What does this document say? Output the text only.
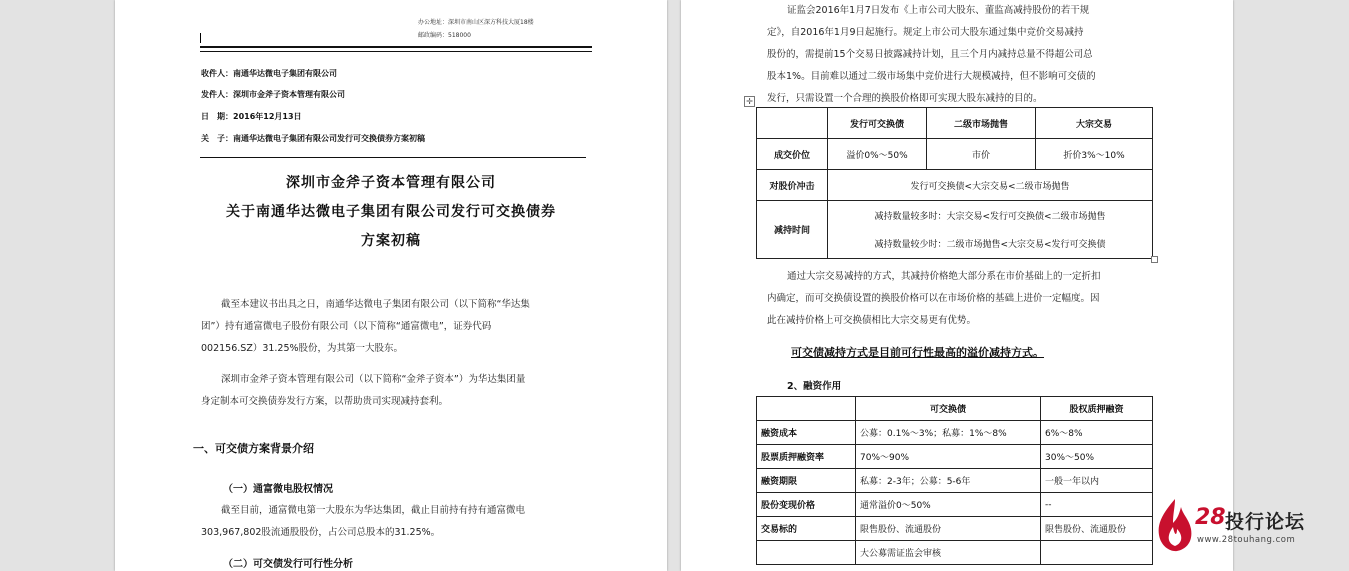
办公地址：深圳市南山区深方科技大厦18楼
邮政编码：518000
收件人：南通华达微电子集团有限公司
发件人：深圳市金斧子资本管理有限公司
日　期：2016年12月13日
关　子：南通华达微电子集团有限公司发行可交换债券方案初稿
深圳市金斧子资本管理有限公司
关于南通华达微电子集团有限公司发行可交换债券
方案初稿
截至本建议书出具之日，南通华达微电子集团有限公司（以下简称“华达集
团”）持有通富微电子股份有限公司（以下简称“通富微电”，证券代码
002156.SZ）31.25%股份，为其第一大股东。
深圳市金斧子资本管理有限公司（以下简称“金斧子资本”）为华达集团量
身定制本可交换债券发行方案，以帮助贵司实现减持套利。
一、可交债方案背景介绍
（一）通富微电股权情况
截至目前，通富微电第一大股东为华达集团，截止目前持有持有通富微电
303,967,802股流通股股份，占公司总股本的31.25%。
（二）可交债发行可行性分析
证监会2016年1月7日发布《上市公司大股东、董监高减持股份的若干规
定》，自2016年1月9日起施行。规定上市公司大股东通过集中竞价交易减持
股份的，需提前15个交易日披露减持计划，且三个月内减持总量不得超公司总
股本1%。目前难以通过二级市场集中竞价进行大规模减持，但不影响可交债的
发行，只需设置一个合理的换股价格即可实现大股东减持的目的。
✛
	发行可交换债	二级市场抛售	大宗交易
成交价位	溢价0%～50%	市价	折价3%～10%
对股价冲击	发行可交换债<大宗交易<二级市场抛售		
减持时间	减持数量较多时：大宗交易<发行可交换债<二级市场抛售		
	减持数量较少时：二级市场抛售<大宗交易<发行可交换债		
通过大宗交易减持的方式，其减持价格绝大部分系在市价基础上的一定折扣
内确定，而可交换债设置的换股价格可以在市场价格的基础上进价一定幅度。因
此在减持价格上可交换债相比大宗交易更有优势。
可交债减持方式是目前可行性最高的溢价减持方式。
2、融资作用
	可交换债	股权质押融资
融资成本	公募：0.1%～3%；私募：1%～8%	6%～8%
股票质押融资率	70%～90%	30%～50%
融资期限	私募：2-3年；公募：5-6年	一般一年以内
股份变现价格	通常溢价0～50%	--
交易标的	限售股份、流通股份	限售股份、流通股份
	大公募需证监会审核	
28 投行论坛
www.28touhang.com
